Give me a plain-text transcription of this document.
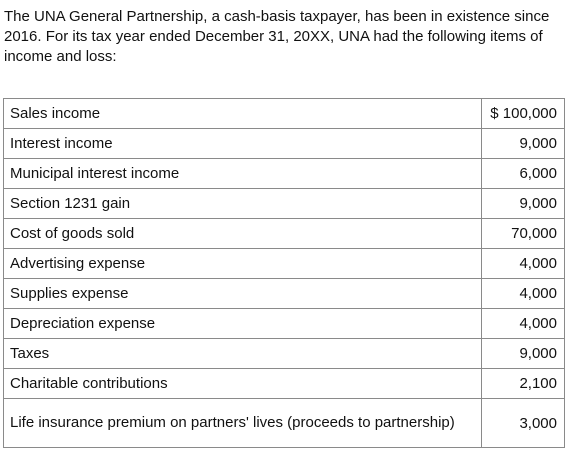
The UNA General Partnership, a cash-basis taxpayer, has been in existence since 2016. For its tax year ended December 31, 20XX, UNA had the following items of income and loss:

Sales income	$ 100,000
Interest income	9,000
Municipal interest income	6,000
Section 1231 gain	9,000
Cost of goods sold	70,000
Advertising expense	4,000
Supplies expense	4,000
Depreciation expense	4,000
Taxes	9,000
Charitable contributions	2,100
Life insurance premium on partners' lives (proceeds to partnership)	3,000
